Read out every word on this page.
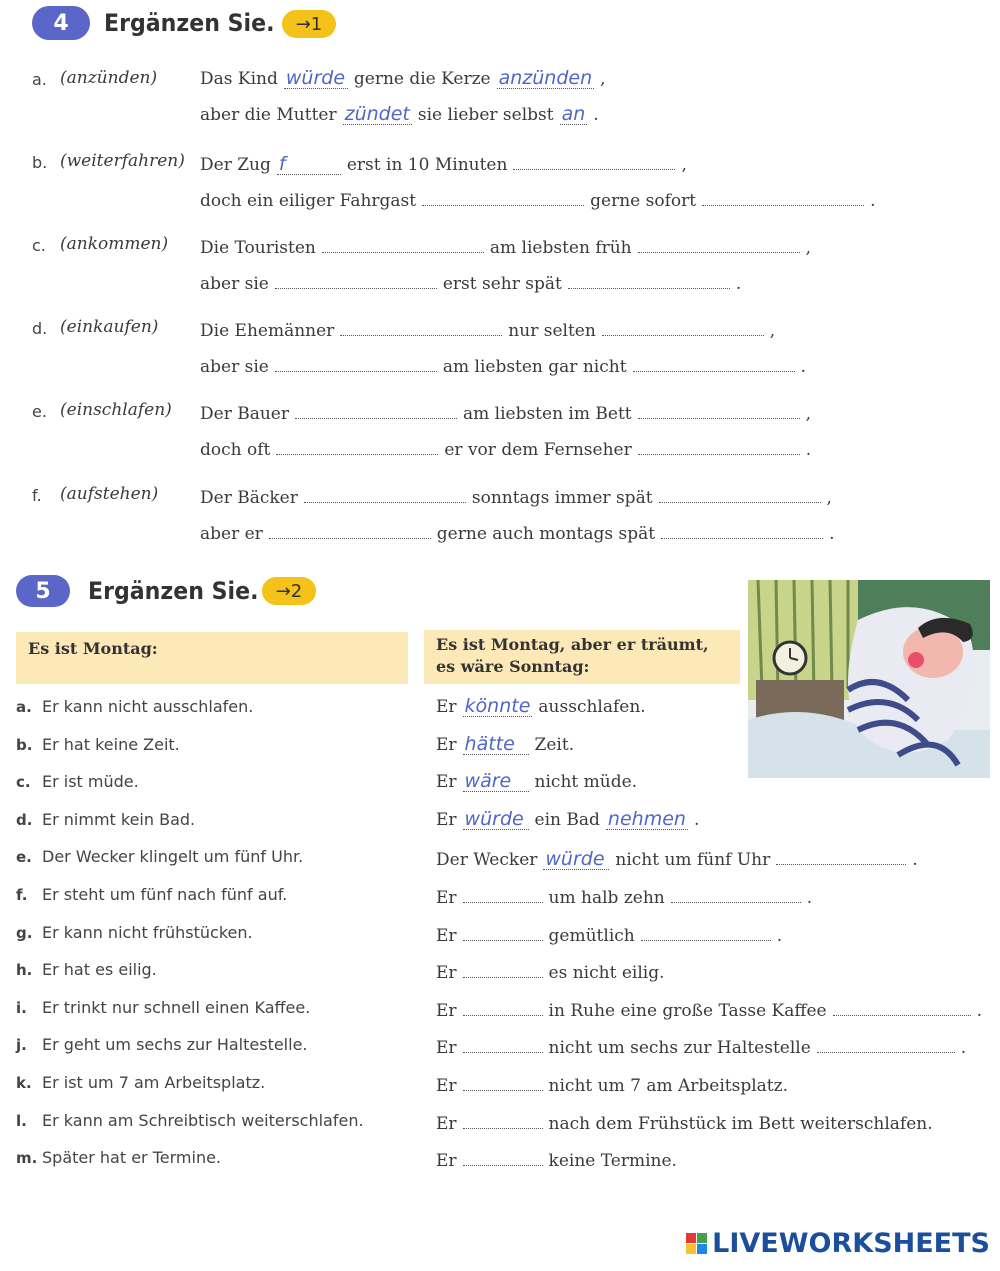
4 Ergänzen Sie.	→1
a. (anzünden)	Das Kind würde gerne die Kerze anzünden ,
aber die Mutter zündet sie lieber selbst an .
b. (weiterfahren) Der Zug f	erst in 10 Minuten	,
doch ein eiliger Fahrgast	gerne sofort	.
c. (ankommen) Die Touristen	am liebsten früh	,
aber sie	erst sehr spät	.
d. (einkaufen) Die Ehemänner	nur selten	,
aber sie	am liebsten gar nicht	.
e. (einschlafen) Der Bauer	am liebsten im Bett	,
doch oft	er vor dem Fernseher	.
f. (aufstehen) Der Bäcker	sonntags immer spät	,
aber er	gerne auch montags spät	.
5 Ergänzen Sie. →2
Es ist Montag:	Es ist Montag, aber er träumt,
es wäre Sonntag:
a. Er kann nicht ausschlafen.	Er könnte ausschlafen.
b. Er hat keine Zeit.	Er hätte Zeit.
c. Er ist müde.	Er wäre nicht müde.
d. Er nimmt kein Bad.	Er würde ein Bad nehmen .
e. Der Wecker klingelt um fünf Uhr.	Der Wecker würde nicht um fünf Uhr	.
f. Er steht um fünf nach fünf auf.	Er	um halb zehn	.
g. Er kann nicht frühstücken.	Er	gemütlich	.
h. Er hat es eilig.	Er	es nicht eilig.
i. Er trinkt nur schnell einen Kaffee.	Er	in Ruhe eine große Tasse Kaffee	.
j. Er geht um sechs zur Haltestelle.	Er	nicht um sechs zur Haltestelle	.
k. Er ist um 7 am Arbeitsplatz.	Er	nicht um 7 am Arbeitsplatz.
l. Er kann am Schreibtisch weiterschlafen.	Er	nach dem Frühstück im Bett weiterschlafen.
m. Später hat er Termine.	Er	keine Termine.
LIVEWORKSHEETS
